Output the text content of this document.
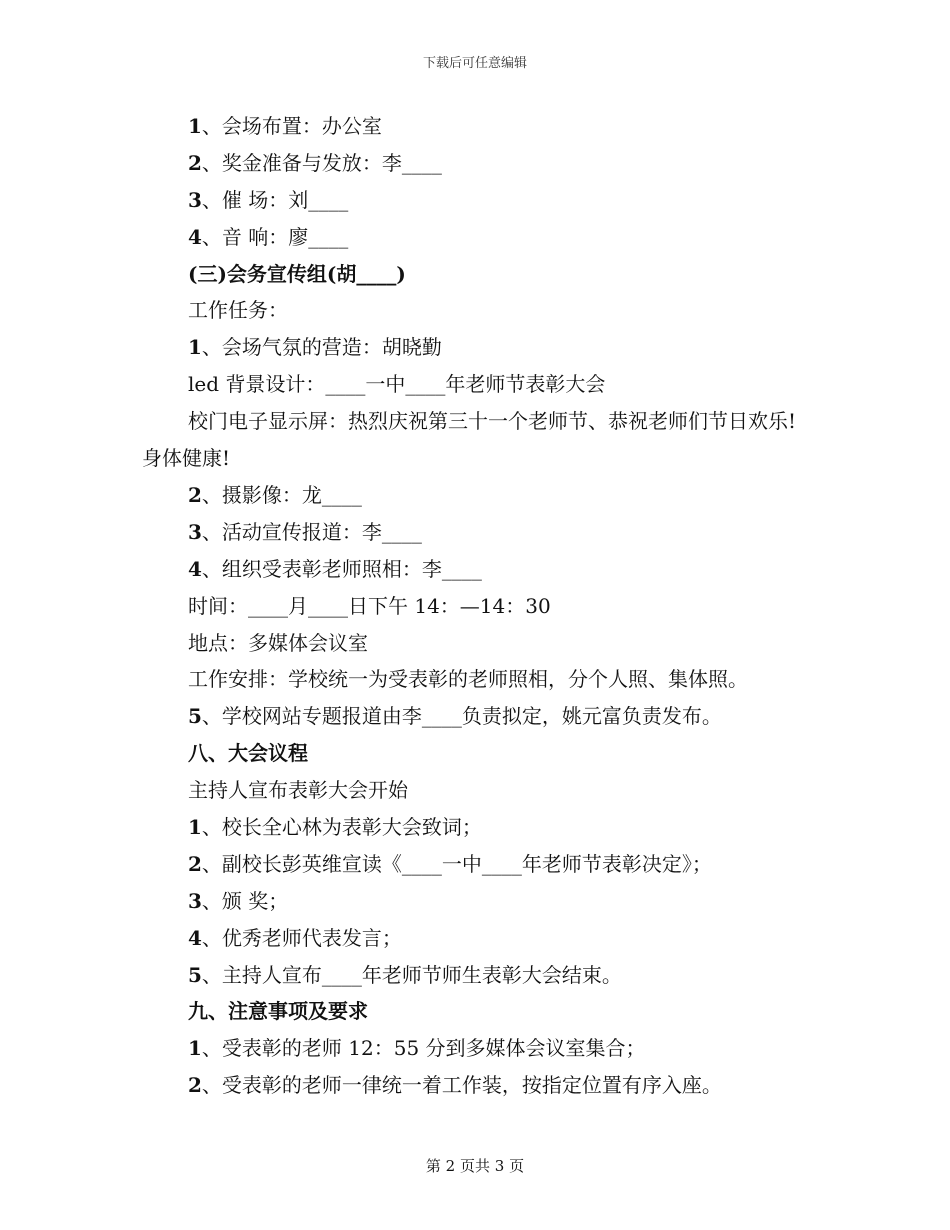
下载后可任意编辑
1、会场布置：办公室
2、奖金准备与发放：李____
3、催 场：刘____
4、音 响：廖____
(三)会务宣传组(胡____)
工作任务：
1、会场气氛的营造：胡晓勤
led 背景设计：____一中____年老师节表彰大会
校门电子显示屏：热烈庆祝第三十一个老师节、恭祝老师们节日欢乐!身体健康!
2、摄影像：龙____
3、活动宣传报道：李____
4、组织受表彰老师照相：李____
时间：____月____日下午 14：—14：30
地点：多媒体会议室
工作安排：学校统一为受表彰的老师照相，分个人照、集体照。
5、学校网站专题报道由李____负责拟定，姚元富负责发布。
八、大会议程
主持人宣布表彰大会开始
1、校长全心林为表彰大会致词；
2、副校长彭英维宣读《____一中____年老师节表彰决定》；
3、颁 奖；
4、优秀老师代表发言；
5、主持人宣布____年老师节师生表彰大会结束。
九、注意事项及要求
1、受表彰的老师 12：55 分到多媒体会议室集合；
2、受表彰的老师一律统一着工作装，按指定位置有序入座。
第 2 页共 3 页
